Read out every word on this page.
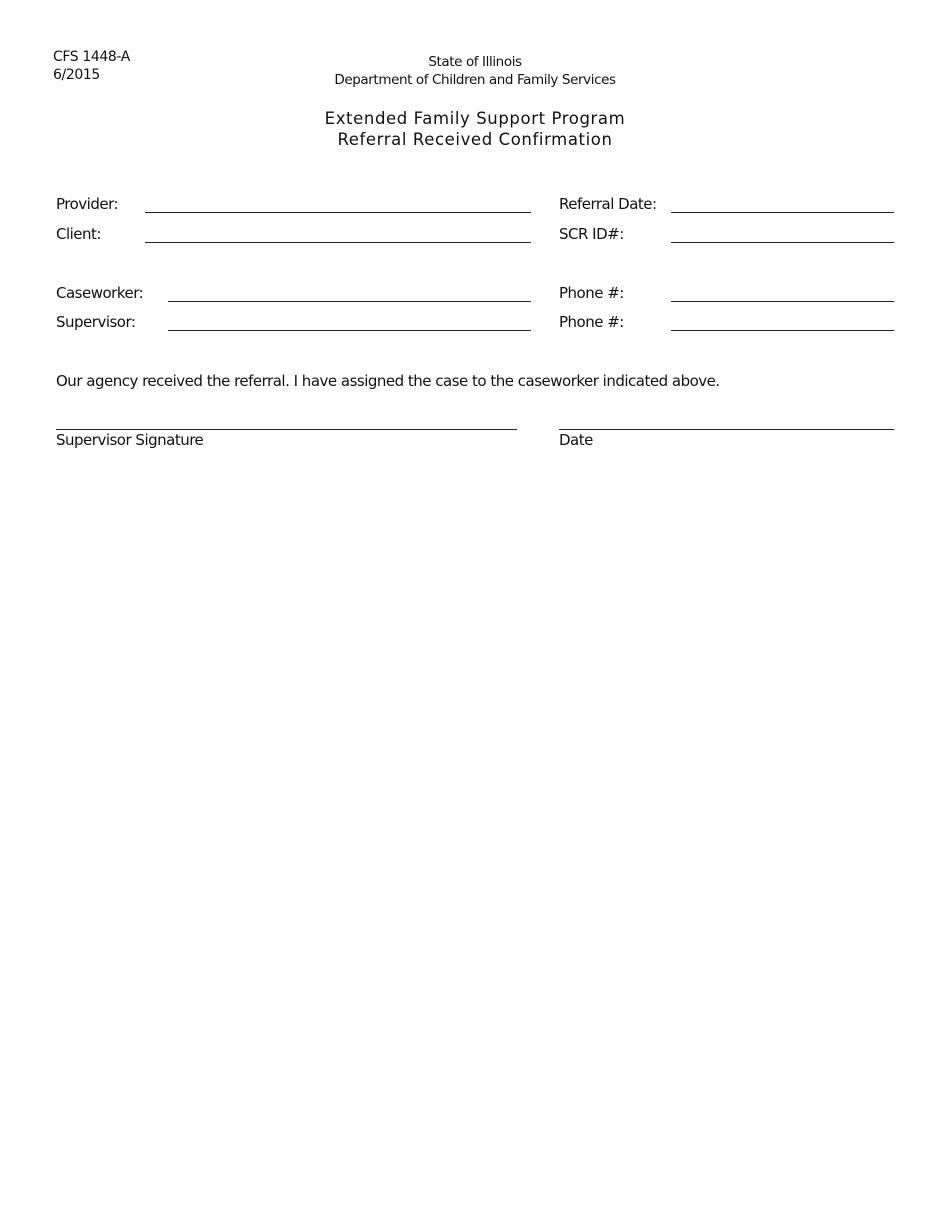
CFS 1448-A
6/2015
State of Illinois
Department of Children and Family Services
Extended Family Support Program
Referral Received Confirmation
Provider:
Client:
Referral Date:
SCR ID#:
Caseworker:
Supervisor:
Phone #:
Phone #:
Our agency received the referral. I have assigned the case to the caseworker indicated above.
Supervisor Signature	Date
